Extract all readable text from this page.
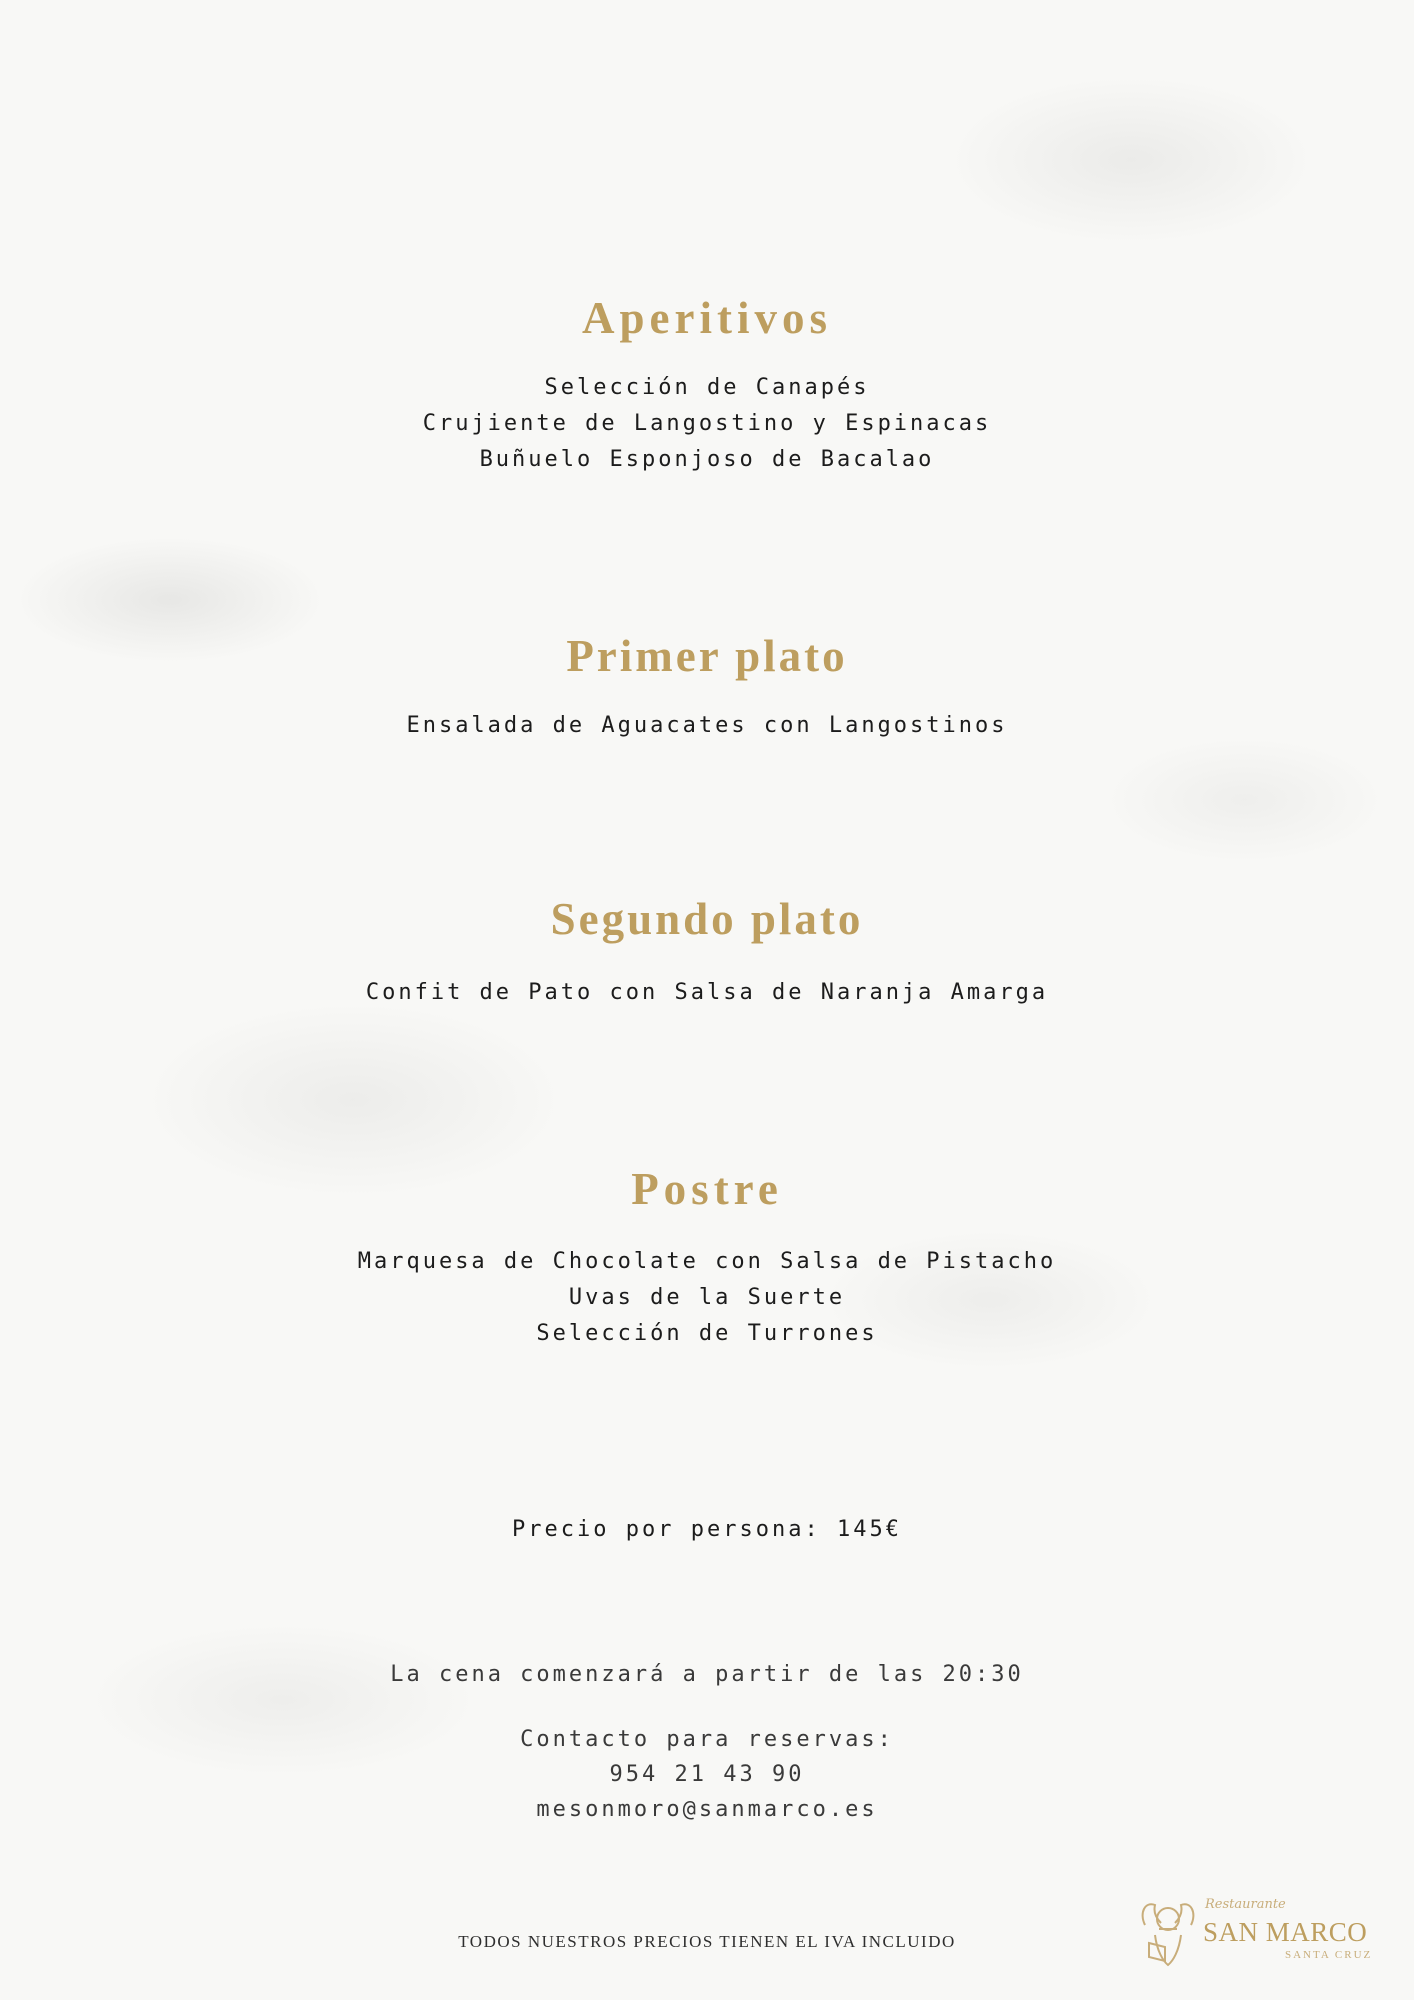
Aperitivos
Selección de Canapés
Crujiente de Langostino y Espinacas
Buñuelo Esponjoso de Bacalao
Primer plato
Ensalada de Aguacates con Langostinos
Segundo plato
Confit de Pato con Salsa de Naranja Amarga
Postre
Marquesa de Chocolate con Salsa de Pistacho
Uvas de la Suerte
Selección de Turrones
Precio por persona: 145€
La cena comenzará a partir de las 20:30
Contacto para reservas:
954 21 43 90
mesonmoro@sanmarco.es
TODOS NUESTROS PRECIOS TIENEN EL IVA INCLUIDO
Restaurante
SAN MARCO
SANTA CRUZ
